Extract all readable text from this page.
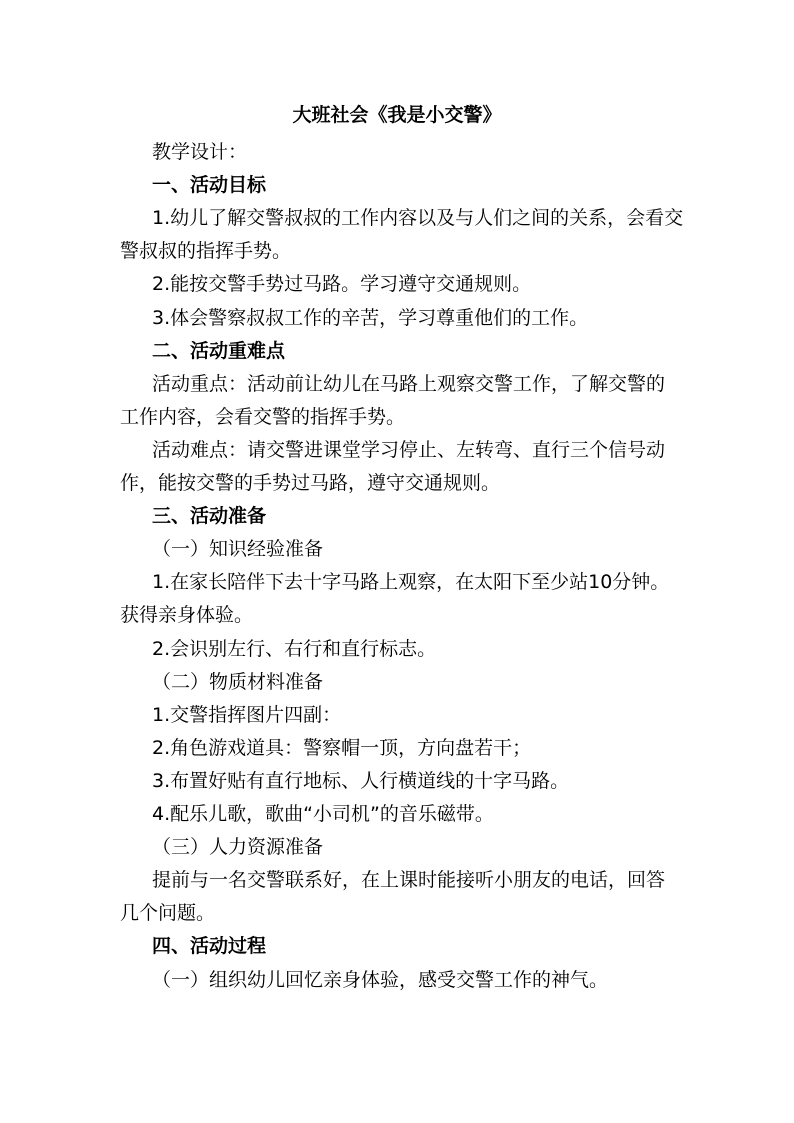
大班社会《我是小交警》
教学设计：
一、活动目标
1.幼儿了解交警叔叔的工作内容以及与人们之间的关系，会看交
警叔叔的指挥手势。
2.能按交警手势过马路。学习遵守交通规则。
3.体会警察叔叔工作的辛苦，学习尊重他们的工作。
二、活动重难点
活动重点：活动前让幼儿在马路上观察交警工作，了解交警的
工作内容，会看交警的指挥手势。
活动难点：请交警进课堂学习停止、左转弯、直行三个信号动
作，能按交警的手势过马路，遵守交通规则。
三、活动准备
（一）知识经验准备
1.在家长陪伴下去十字马路上观察，在太阳下至少站10分钟。
获得亲身体验。
2.会识别左行、右行和直行标志。
（二）物质材料准备
1.交警指挥图片四副：
2.角色游戏道具：警察帽一顶，方向盘若干；
3.布置好贴有直行地标、人行横道线的十字马路。
4.配乐儿歌，歌曲“小司机”的音乐磁带。
（三）人力资源准备
提前与一名交警联系好，在上课时能接听小朋友的电话，回答
几个问题。
四、活动过程
（一）组织幼儿回忆亲身体验，感受交警工作的神气。
